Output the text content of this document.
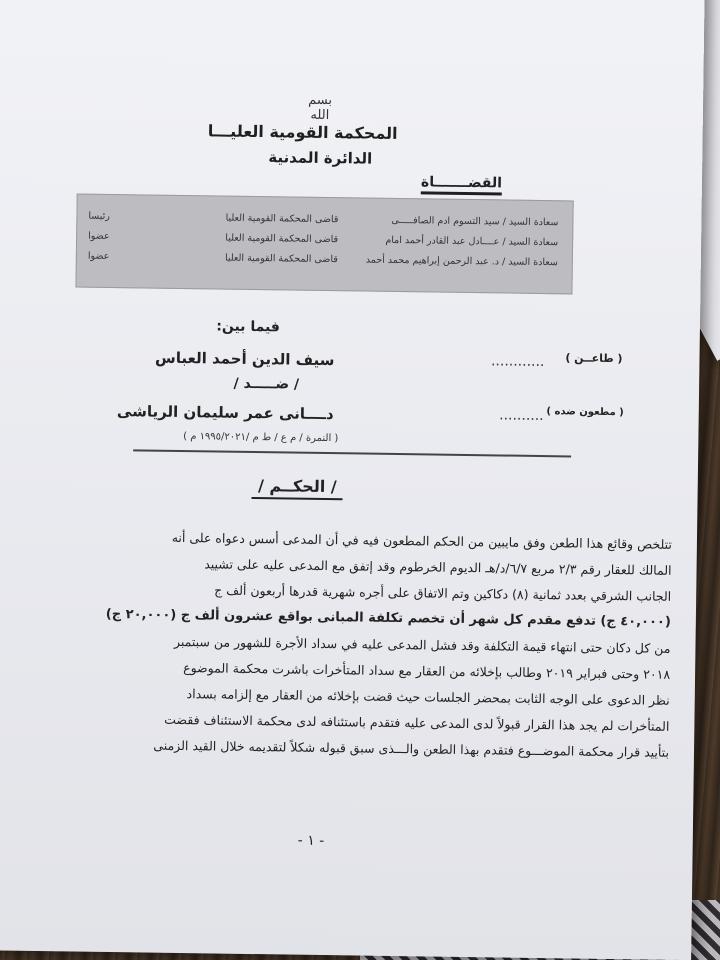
بسم الله
المحكمة القومية العليـــا
الدائرة المدنية
القضـــــــاة
سعادة السيد / سيد التسوم ادم الصافـــــى
قاضى المحكمة القومية العليا
رئيسا
سعادة السيد / عــــادل عبد القادر أحمد امام
قاضى المحكمة القومية العليا
عضوا
سعادة السيد / د. عبد الرحمن إبراهيم محمد أحمد
قاضى المحكمة القومية العليا
عضوا
فيما بين:
سيف الدين أحمد العباس	............ ( طاعــن )
/ ضـــــد /
دــــانى عمر سليمان الرياشى	.......... ( مطعون ضده )
( النمرة / م ع / ط م /١٩٩٥/٢٠٢١ م )
/ الحكــم /
تتلخص وقائع هذا الطعن وفق مايبين من الحكم المطعون فيه في أن المدعى أسس دعواه على أنه
المالك للعقار رقم ٢/٣ مربع ٦/٧/د/هـ الديوم الخرطوم وقد إتفق مع المدعى عليه على تشييد
الجانب الشرقي بعدد ثمانية (٨) دكاكين وتم الاتفاق على أجره شهرية قدرها أربعون ألف ج
(٤٠,٠٠٠ ج) تدفع مقدم كل شهر أن تخصم تكلفة المبانى بواقع عشرون ألف ج (٢٠,٠٠٠ ج)
من كل دكان حتى انتهاء قيمة التكلفة وقد فشل المدعى عليه في سداد الأجرة للشهور من سبتمبر
٢٠١٨ وحتى فبراير ٢٠١٩ وطالب بإخلائه من العقار مع سداد المتأخرات باشرت محكمة الموضوع
نظر الدعوى على الوجه الثابت بمحضر الجلسات حيث قضت بإخلائه من العقار مع إلزامه بسداد
المتأخرات لم يجد هذا القرار قبولاً لدى المدعى عليه فتقدم باستئنافه لدى محكمة الاستئناف فقضت
بتأييد قرار محكمة الموضـــوع فتقدم بهذا الطعن والـــذى سبق قبوله شكلاً لتقديمه خلال القيد الزمنى
- ١ -
